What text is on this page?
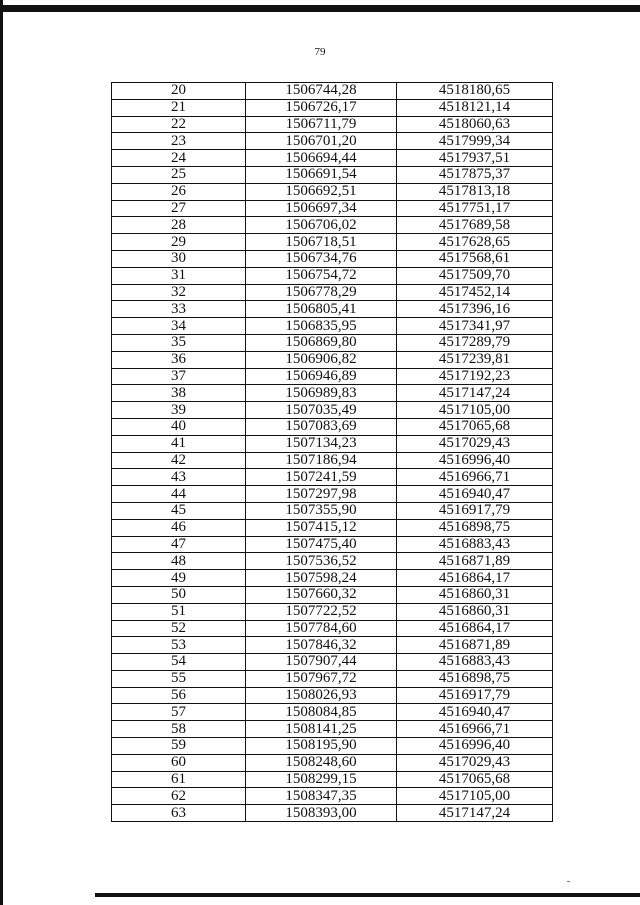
79
20	1506744,28	4518180,65
21	1506726,17	4518121,14
22	1506711,79	4518060,63
23	1506701,20	4517999,34
24	1506694,44	4517937,51
25	1506691,54	4517875,37
26	1506692,51	4517813,18
27	1506697,34	4517751,17
28	1506706,02	4517689,58
29	1506718,51	4517628,65
30	1506734,76	4517568,61
31	1506754,72	4517509,70
32	1506778,29	4517452,14
33	1506805,41	4517396,16
34	1506835,95	4517341,97
35	1506869,80	4517289,79
36	1506906,82	4517239,81
37	1506946,89	4517192,23
38	1506989,83	4517147,24
39	1507035,49	4517105,00
40	1507083,69	4517065,68
41	1507134,23	4517029,43
42	1507186,94	4516996,40
43	1507241,59	4516966,71
44	1507297,98	4516940,47
45	1507355,90	4516917,79
46	1507415,12	4516898,75
47	1507475,40	4516883,43
48	1507536,52	4516871,89
49	1507598,24	4516864,17
50	1507660,32	4516860,31
51	1507722,52	4516860,31
52	1507784,60	4516864,17
53	1507846,32	4516871,89
54	1507907,44	4516883,43
55	1507967,72	4516898,75
56	1508026,93	4516917,79
57	1508084,85	4516940,47
58	1508141,25	4516966,71
59	1508195,90	4516996,40
60	1508248,60	4517029,43
61	1508299,15	4517065,68
62	1508347,35	4517105,00
63	1508393,00	4517147,24
